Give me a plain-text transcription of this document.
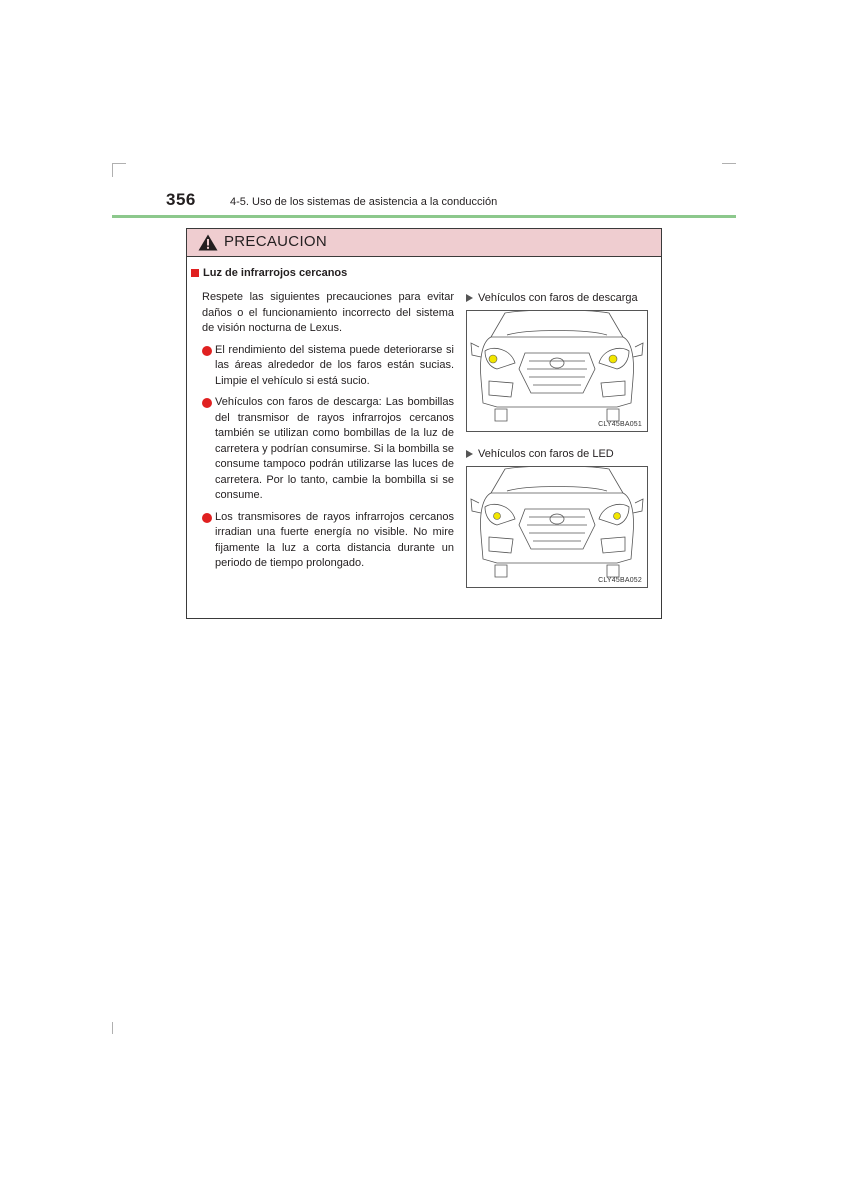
356	4-5. Uso de los sistemas de asistencia a la conducción
PRECAUCION
Luz de infrarrojos cercanos

Respete las siguientes precauciones para evitar daños o el funcionamiento incorrecto del sistema de visión nocturna de Lexus.

El rendimiento del sistema puede deteriorarse si las áreas alrededor de los faros están sucias. Limpie el vehículo si está sucio.
Vehículos con faros de descarga: Las bombillas del transmisor de rayos infrarrojos cercanos también se utilizan como bombillas de la luz de carretera y podrían consumirse. Si la bombilla se consume tampoco podrán utilizarse las luces de carretera. Por lo tanto, cambie la bombilla si se consume.
Los transmisores de rayos infrarrojos cercanos irradian una fuerte energía no visible. No mire fijamente la luz a corta distancia durante un periodo de tiempo prolongado.
Vehículos con faros de descarga
CLY45BA051
Vehículos con faros de LED
CLY45BA052
